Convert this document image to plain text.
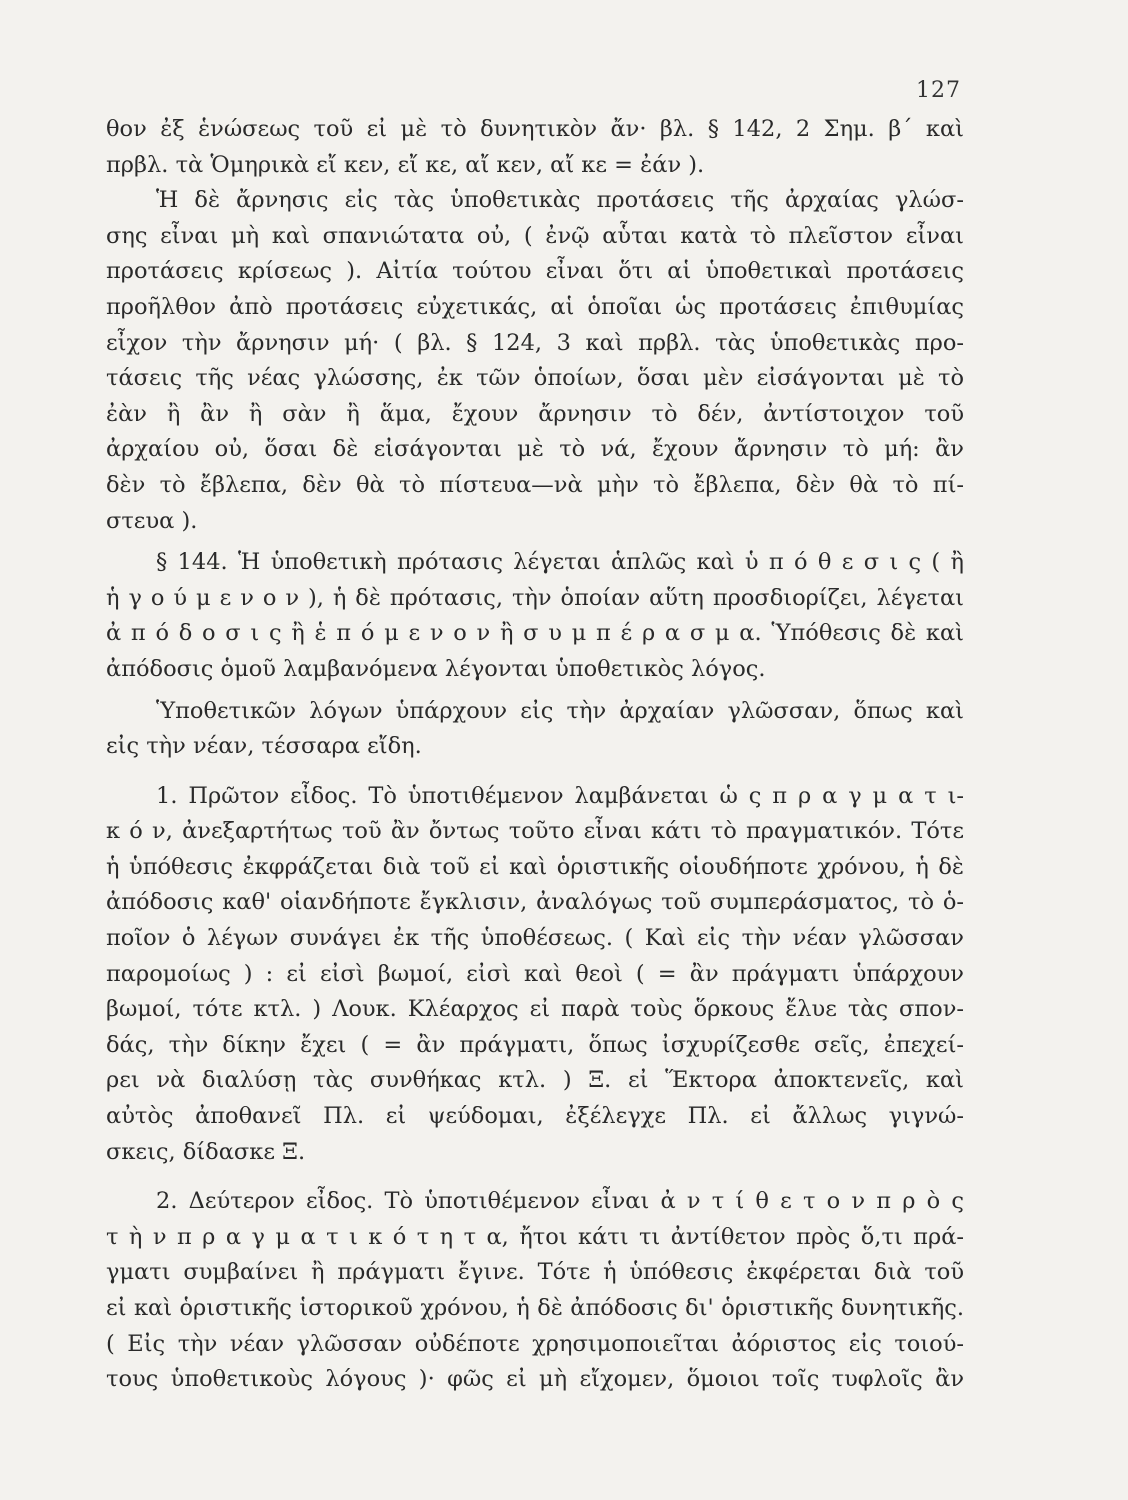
127
θον ἐξ ἑνώσεως τοῦ εἰ μὲ τὸ δυνητικὸν ἄν· βλ. § 142, 2 Σημ. β΄ καὶ
πρβλ. τὰ Ὁμηρικὰ εἴ κεν, εἴ κε, αἴ κεν, αἴ κε = ἐάν ).
Ἡ δὲ ἄρνησις εἰς τὰς ὑποθετικὰς προτάσεις τῆς ἀρχαίας γλώσ-
σης εἶναι μὴ καὶ σπανιώτατα οὐ, ( ἐνῷ αὗται κατὰ τὸ πλεῖστον εἶναι
προτάσεις κρίσεως ). Αἰτία τούτου εἶναι ὅτι αἱ ὑποθετικαὶ προτάσεις
προῆλθον ἀπὸ προτάσεις εὐχετικάς, αἱ ὁποῖαι ὡς προτάσεις ἐπιθυμίας
εἶχον τὴν ἄρνησιν μή· ( βλ. § 124, 3 καὶ πρβλ. τὰς ὑποθετικὰς προ-
τάσεις τῆς νέας γλώσσης, ἐκ τῶν ὁποίων, ὅσαι μὲν εἰσάγονται μὲ τὸ
ἐὰν ἢ ἂν ἢ σὰν ἢ ἅμα, ἔχουν ἄρνησιν τὸ δέν, ἀντίστοιχον τοῦ
ἀρχαίου οὐ, ὅσαι δὲ εἰσάγονται μὲ τὸ νά, ἔχουν ἄρνησιν τὸ μή: ἂν
δὲν τὸ ἔβλεπα, δὲν θὰ τὸ πίστευα—νὰ μὴν τὸ ἔβλεπα, δὲν θὰ τὸ πί-
στευα ).
§ 144. Ἡ ὑποθετικὴ πρότασις λέγεται ἁπλῶς καὶ ὑ π ό θ ε σ ι ς ( ἢ
ἡ γ ο ύ μ ε ν ο ν ), ἡ δὲ πρότασις, τὴν ὁποίαν αὕτη προσδιορίζει, λέγεται
ἀ π ό δ ο σ ι ς ἢ ἑ π ό μ ε ν ο ν ἢ σ υ μ π έ ρ α σ μ α. Ὑπόθεσις δὲ καὶ
ἀπόδοσις ὁμοῦ λαμβανόμενα λέγονται ὑποθετικὸς λόγος.
Ὑποθετικῶν λόγων ὑπάρχουν εἰς τὴν ἀρχαίαν γλῶσσαν, ὅπως καὶ
εἰς τὴν νέαν, τέσσαρα εἴδη.
1. Πρῶτον εἶδος. Τὸ ὑποτιθέμενον λαμβάνεται ὡ ς π ρ α γ μ α τ ι-
κ ό ν, ἀνεξαρτήτως τοῦ ἂν ὄντως τοῦτο εἶναι κάτι τὸ πραγματικόν. Τότε
ἡ ὑπόθεσις ἐκφράζεται διὰ τοῦ εἰ καὶ ὁριστικῆς οἱουδήποτε χρόνου, ἡ δὲ
ἀπόδοσις καθ' οἱανδήποτε ἔγκλισιν, ἀναλόγως τοῦ συμπεράσματος, τὸ ὁ-
ποῖον ὁ λέγων συνάγει ἐκ τῆς ὑποθέσεως. ( Καὶ εἰς τὴν νέαν γλῶσσαν
παρομοίως ) : εἰ εἰσὶ βωμοί, εἰσὶ καὶ θεοὶ ( = ἂν πράγματι ὑπάρχουν
βωμοί, τότε κτλ. ) Λουκ. Κλέαρχος εἰ παρὰ τοὺς ὅρκους ἔλυε τὰς σπον-
δάς, τὴν δίκην ἔχει ( = ἂν πράγματι, ὅπως ἰσχυρίζεσθε σεῖς, ἐπεχεί-
ρει νὰ διαλύσῃ τὰς συνθήκας κτλ. ) Ξ. εἰ Ἕκτορα ἀποκτενεῖς, καὶ
αὐτὸς ἀποθανεῖ Πλ. εἰ ψεύδομαι, ἐξέλεγχε Πλ. εἰ ἄλλως γιγνώ-
σκεις, δίδασκε Ξ.
2. Δεύτερον εἶδος. Τὸ ὑποτιθέμενον εἶναι ἀ ν τ ί θ ε τ ο ν π ρ ὸ ς
τ ὴ ν π ρ α γ μ α τ ι κ ό τ η τ α, ἤτοι κάτι τι ἀντίθετον πρὸς ὅ,τι πρά-
γματι συμβαίνει ἢ πράγματι ἔγινε. Τότε ἡ ὑπόθεσις ἐκφέρεται διὰ τοῦ
εἰ καὶ ὁριστικῆς ἱστορικοῦ χρόνου, ἡ δὲ ἀπόδοσις δι' ὁριστικῆς δυνητικῆς.
( Εἰς τὴν νέαν γλῶσσαν οὐδέποτε χρησιμοποιεῖται ἀόριστος εἰς τοιού-
τους ὑποθετικοὺς λόγους )· φῶς εἰ μὴ εἴχομεν, ὅμοιοι τοῖς τυφλοῖς ἂν
